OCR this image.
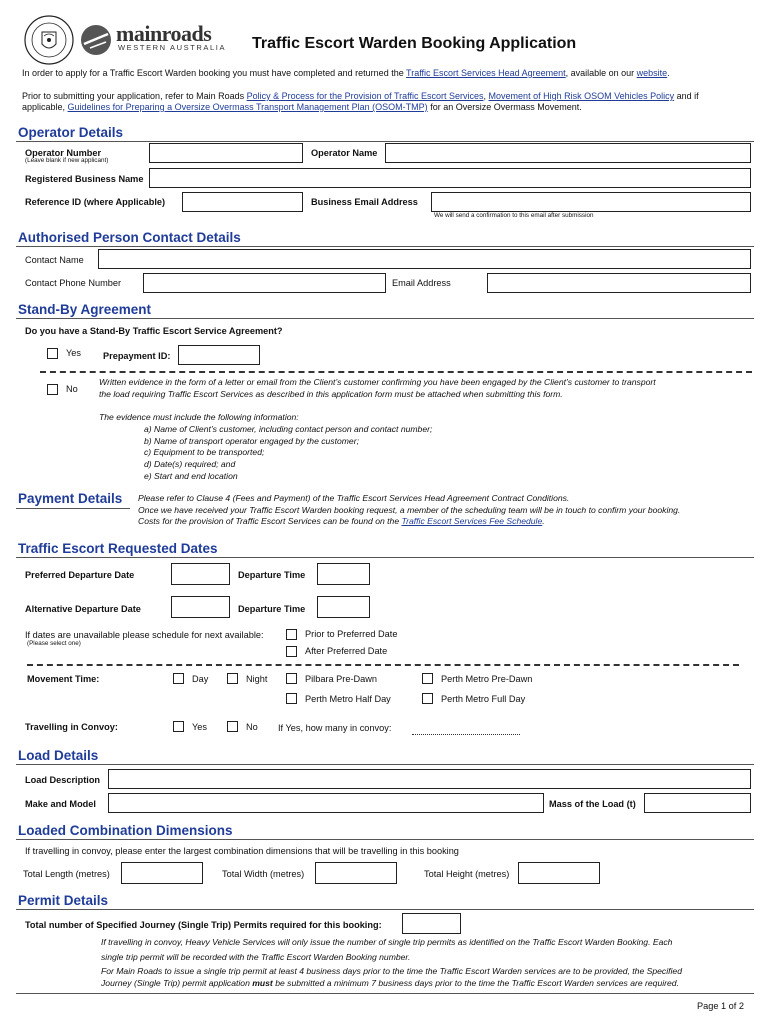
mainroads
WESTERN AUSTRALIA Traffic Escort Warden Booking Application
In order to apply for a Traffic Escort Warden booking you must have completed and returned the Traffic Escort Services Head Agreement, available on our website.
Prior to submitting your application, refer to Main Roads Policy & Process for the Provision of Traffic Escort Services, Movement of High Risk OSOM Vehicles Policy and if
applicable, Guidelines for Preparing a Oversize Overmass Transport Management Plan (OSOM-TMP) for an Oversize Overmass Movement.
Operator Details
Operator Number
(Leave blank if new applicant)
Operator Name
Registered Business Name
Reference ID (where Applicable)	Business Email Address
We will send a confirmation to this email after submission
Authorised Person Contact Details
Contact Name
Contact Phone Number	Email Address
Stand-By Agreement
Do you have a Stand-By Traffic Escort Service Agreement?
Yes Prepayment ID:
No
Written evidence in the form of a letter or email from the Client’s customer confirming you have been engaged by the Client’s customer to transport
the load requiring Traffic Escort Services as described in this application form must be attached when submitting this form.
The evidence must include the following information:
a) Name of Client’s customer, including contact person and contact number;
b) Name of transport operator engaged by the customer;
c) Equipment to be transported;
d) Date(s) required; and
e) Start and end location
Payment Details Please refer to Clause 4 (Fees and Payment) of the Traffic Escort Services Head Agreement Contract Conditions.
Once we have received your Traffic Escort Warden booking request, a member of the scheduling team will be in touch to confirm your booking.
Costs for the provision of Traffic Escort Services can be found on the Traffic Escort Services Fee Schedule.
Traffic Escort Requested Dates
Preferred Departure Date	Departure Time
Alternative Departure Date	Departure Time
If dates are unavailable please schedule for next available:
(Please select one)
Prior to Preferred Date
After Preferred Date
Movement Time:	Day	Night	Pilbara Pre-Dawn	Perth Metro Pre-Dawn
Perth Metro Half Day	Perth Metro Full Day
Travelling in Convoy:	Yes	No If Yes, how many in convoy:
Load Details
Load Description
Make and Model	Mass of the Load (t)
Loaded Combination Dimensions
If travelling in convoy, please enter the largest combination dimensions that will be travelling in this booking
Total Length (metres)	Total Width (metres)	Total Height (metres)
Permit Details
Total number of Specified Journey (Single Trip) Permits required for this booking:
If travelling in convoy, Heavy Vehicle Services will only issue the number of single trip permits as identified on the Traffic Escort Warden Booking. Each
single trip permit will be recorded with the Traffic Escort Warden Booking number.
For Main Roads to issue a single trip permit at least 4 business days prior to the time the Traffic Escort Warden services are to be provided, the Specified
Journey (Single Trip) permit application must be submitted a minimum 7 business days prior to the time the Traffic Escort Warden services are required.
Page 1 of 2
